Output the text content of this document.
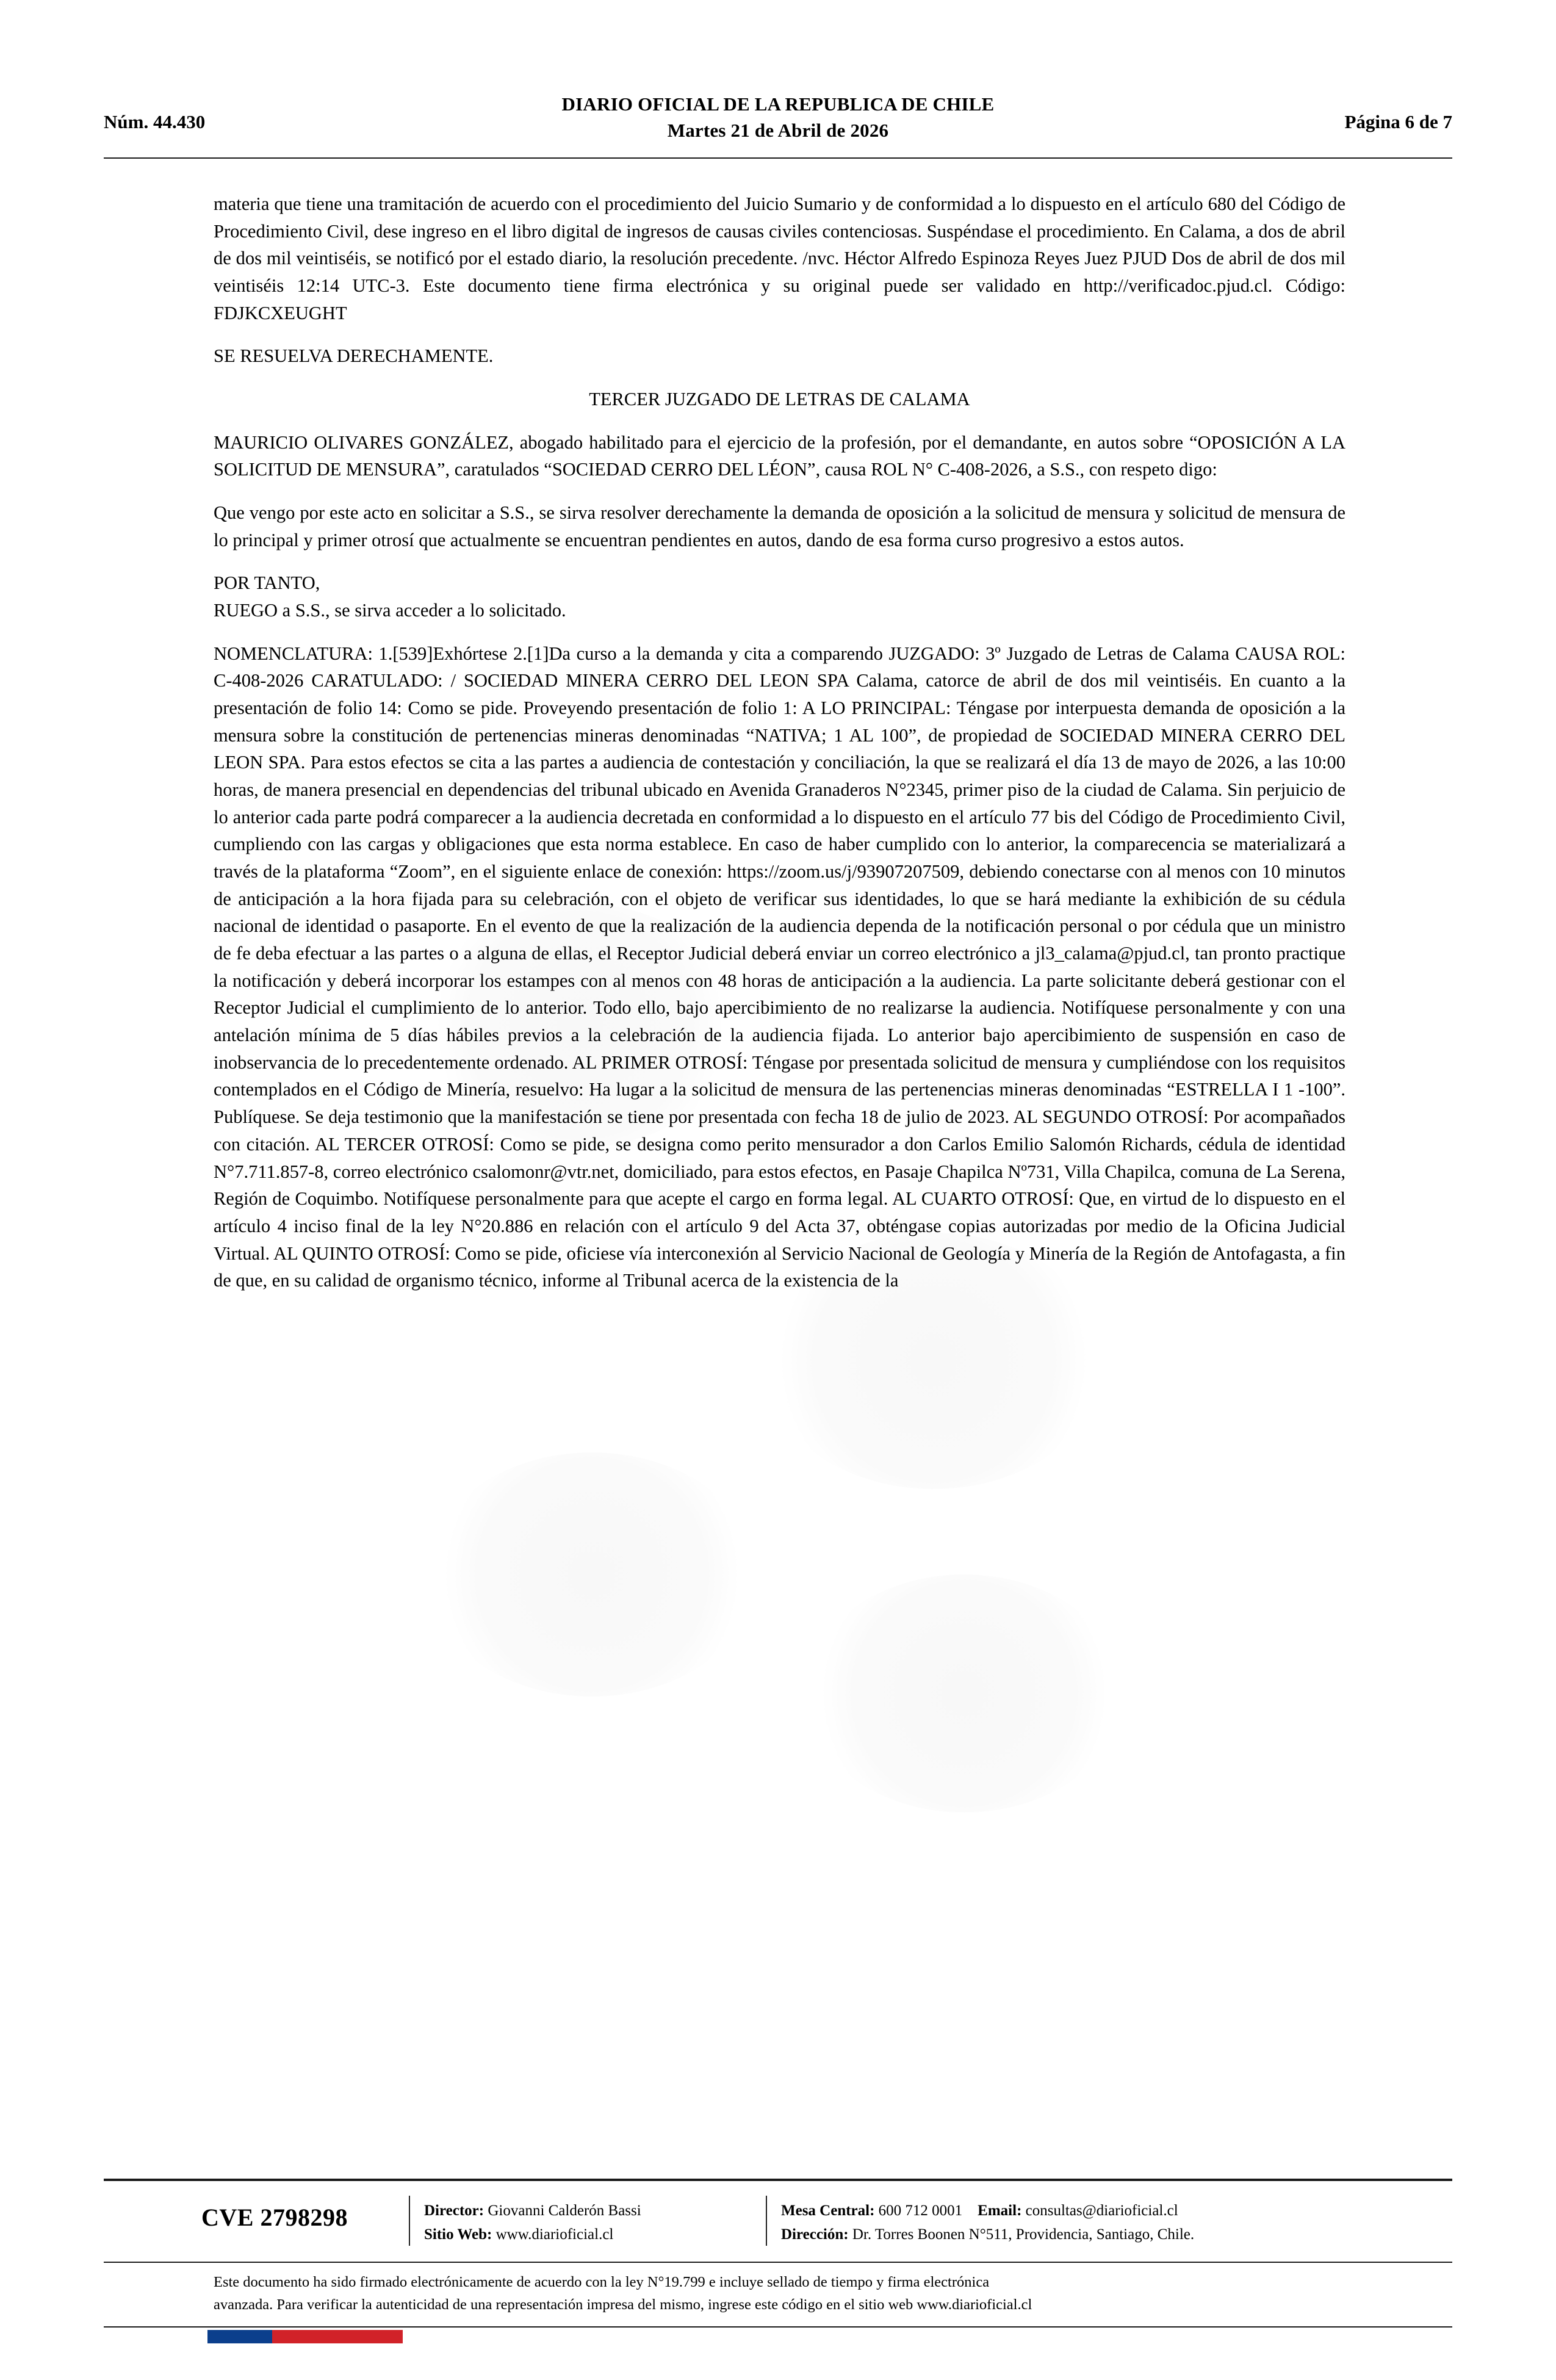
Núm. 44.430
DIARIO OFICIAL DE LA REPUBLICA DE CHILE
Martes 21 de Abril de 2026	Página 6 de 7

materia que tiene una tramitación de acuerdo con el procedimiento del Juicio Sumario y de conformidad a lo dispuesto en el artículo 680 del Código de Procedimiento Civil, dese ingreso en el libro digital de ingresos de causas civiles contenciosas. Suspéndase el procedimiento. En Calama, a dos de abril de dos mil veintiséis, se notificó por el estado diario, la resolución precedente. /nvc. Héctor Alfredo Espinoza Reyes Juez PJUD Dos de abril de dos mil veintiséis 12:14 UTC-3. Este documento tiene firma electrónica y su original puede ser validado en http://verificadoc.pjud.cl. Código: FDJKCXEUGHT

SE RESUELVA DERECHAMENTE.

TERCER JUZGADO DE LETRAS DE CALAMA

MAURICIO OLIVARES GONZÁLEZ, abogado habilitado para el ejercicio de la profesión, por el demandante, en autos sobre “OPOSICIÓN A LA SOLICITUD DE MENSURA”, caratulados “SOCIEDAD CERRO DEL LÉON”, causa ROL N° C-408-2026, a S.S., con respeto digo:

Que vengo por este acto en solicitar a S.S., se sirva resolver derechamente la demanda de oposición a la solicitud de mensura y solicitud de mensura de lo principal y primer otrosí que actualmente se encuentran pendientes en autos, dando de esa forma curso progresivo a estos autos.

POR TANTO,

RUEGO a S.S., se sirva acceder a lo solicitado.

NOMENCLATURA: 1.[539]Exhórtese 2.[1]Da curso a la demanda y cita a comparendo JUZGADO: 3º Juzgado de Letras de Calama CAUSA ROL: C-408-2026 CARATULADO: / SOCIEDAD MINERA CERRO DEL LEON SPA Calama, catorce de abril de dos mil veintiséis. En cuanto a la presentación de folio 14: Como se pide. Proveyendo presentación de folio 1: A LO PRINCIPAL: Téngase por interpuesta demanda de oposición a la mensura sobre la constitución de pertenencias mineras denominadas “NATIVA; 1 AL 100”, de propiedad de SOCIEDAD MINERA CERRO DEL LEON SPA. Para estos efectos se cita a las partes a audiencia de contestación y conciliación, la que se realizará el día 13 de mayo de 2026, a las 10:00 horas, de manera presencial en dependencias del tribunal ubicado en Avenida Granaderos N°2345, primer piso de la ciudad de Calama. Sin perjuicio de lo anterior cada parte podrá comparecer a la audiencia decretada en conformidad a lo dispuesto en el artículo 77 bis del Código de Procedimiento Civil, cumpliendo con las cargas y obligaciones que esta norma establece. En caso de haber cumplido con lo anterior, la comparecencia se materializará a través de la plataforma “Zoom”, en el siguiente enlace de conexión: https://zoom.us/j/93907207509, debiendo conectarse con al menos con 10 minutos de anticipación a la hora fijada para su celebración, con el objeto de verificar sus identidades, lo que se hará mediante la exhibición de su cédula nacional de identidad o pasaporte. En el evento de que la realización de la audiencia dependa de la notificación personal o por cédula que un ministro de fe deba efectuar a las partes o a alguna de ellas, el Receptor Judicial deberá enviar un correo electrónico a jl3_calama@pjud.cl, tan pronto practique la notificación y deberá incorporar los estampes con al menos con 48 horas de anticipación a la audiencia. La parte solicitante deberá gestionar con el Receptor Judicial el cumplimiento de lo anterior. Todo ello, bajo apercibimiento de no realizarse la audiencia. Notifíquese personalmente y con una antelación mínima de 5 días hábiles previos a la celebración de la audiencia fijada. Lo anterior bajo apercibimiento de suspensión en caso de inobservancia de lo precedentemente ordenado. AL PRIMER OTROSÍ: Téngase por presentada solicitud de mensura y cumpliéndose con los requisitos contemplados en el Código de Minería, resuelvo: Ha lugar a la solicitud de mensura de las pertenencias mineras denominadas “ESTRELLA I 1 -100”. Publíquese. Se deja testimonio que la manifestación se tiene por presentada con fecha 18 de julio de 2023. AL SEGUNDO OTROSÍ: Por acompañados con citación. AL TERCER OTROSÍ: Como se pide, se designa como perito mensurador a don Carlos Emilio Salomón Richards, cédula de identidad N°7.711.857-8, correo electrónico csalomonr@vtr.net, domiciliado, para estos efectos, en Pasaje Chapilca Nº731, Villa Chapilca, comuna de La Serena, Región de Coquimbo. Notifíquese personalmente para que acepte el cargo en forma legal. AL CUARTO OTROSÍ: Que, en virtud de lo dispuesto en el artículo 4 inciso final de la ley N°20.886 en relación con el artículo 9 del Acta 37, obténgase copias autorizadas por medio de la Oficina Judicial Virtual. AL QUINTO OTROSÍ: Como se pide, oficiese vía interconexión al Servicio Nacional de Geología y Minería de la Región de Antofagasta, a fin de que, en su calidad de organismo técnico, informe al Tribunal acerca de la existencia de la

CVE 2798298	Director: Giovanni Calderón Bassi
Sitio Web: www.diarioficial.cl
Mesa Central: 600 712 0001 Email: consultas@diarioficial.cl
Dirección: Dr. Torres Boonen N°511, Providencia, Santiago, Chile.
Este documento ha sido firmado electrónicamente de acuerdo con la ley N°19.799 e incluye sellado de tiempo y firma electrónica
avanzada. Para verificar la autenticidad de una representación impresa del mismo, ingrese este código en el sitio web www.diarioficial.cl
